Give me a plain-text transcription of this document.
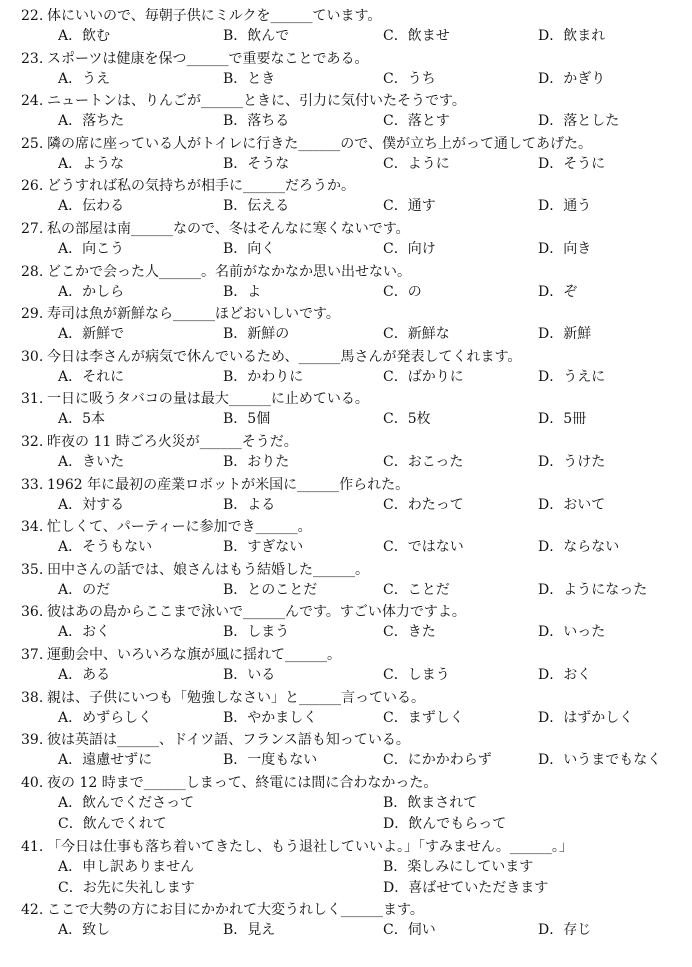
22. 体にいいので、毎朝子供にミルクを______ています。
A．飲む	B．飲んで	C．飲ませ	D．飲まれ
23. スポーツは健康を保つ______で重要なことである。
A．うえ	B．とき	C．うち	D．かぎり
24. ニュートンは、りんごが______ときに、引力に気付いたそうです。
A．落ちた	B．落ちる	C．落とす	D．落とした
25. 隣の席に座っている人がトイレに行きた______ので、僕が立ち上がって通してあげた。
A．ような	B．そうな	C．ように	D．そうに
26. どうすれば私の気持ちが相手に______だろうか。
A．伝わる	B．伝える	C．通す	D．通う
27. 私の部屋は南______なので、冬はそんなに寒くないです。
A．向こう	B．向く	C．向け	D．向き
28. どこかで会った人______。名前がなかなか思い出せない。
A．かしら	B．よ	C．の	D．ぞ
29. 寿司は魚が新鮮なら______ほどおいしいです。
A．新鮮で	B．新鮮の	C．新鮮な	D．新鮮
30. 今日は李さんが病気で休んでいるため、______馬さんが発表してくれます。
A．それに	B．かわりに	C．ばかりに	D．うえに
31. 一日に吸うタバコの量は最大______に止めている。
A．5本	B．5個	C．5枚	D．5冊
32. 昨夜の 11 時ごろ火災が______そうだ。
A．きいた	B．おりた	C．おこった	D．うけた
33. 1962 年に最初の産業ロボットが米国に______作られた。
A．対する	B．よる	C．わたって	D．おいて
34. 忙しくて、パーティーに参加でき______。
A．そうもない	B．すぎない	C．ではない	D．ならない
35. 田中さんの話では、娘さんはもう結婚した______。
A．のだ	B．とのことだ	C．ことだ	D．ようになった
36. 彼はあの島からここまで泳いで______んです。すごい体力ですよ。
A．おく	B．しまう	C．きた	D．いった
37. 運動会中、いろいろな旗が風に揺れて______。
A．ある	B．いる	C．しまう	D．おく
38. 親は、子供にいつも「勉強しなさい」と______言っている。
A．めずらしく	B．やかましく	C．まずしく	D．はずかしく
39. 彼は英語は______、ドイツ語、フランス語も知っている。
A．遠慮せずに	B．一度もない	C．にかかわらず	D．いうまでもなく
40. 夜の 12 時まで______しまって、終電には間に合わなかった。
A．飲んでくださって	B．飲まされて
C．飲んでくれて	D．飲んでもらって
41. 「今日は仕事も落ち着いてきたし、もう退社していいよ。」「すみません。______。」
A．申し訳ありません	B．楽しみにしています
C．お先に失礼します	D．喜ばせていただきます
42. ここで大勢の方にお目にかかれて大変うれしく______ます。
A．致し	B．見え	C．伺い	D．存じ
